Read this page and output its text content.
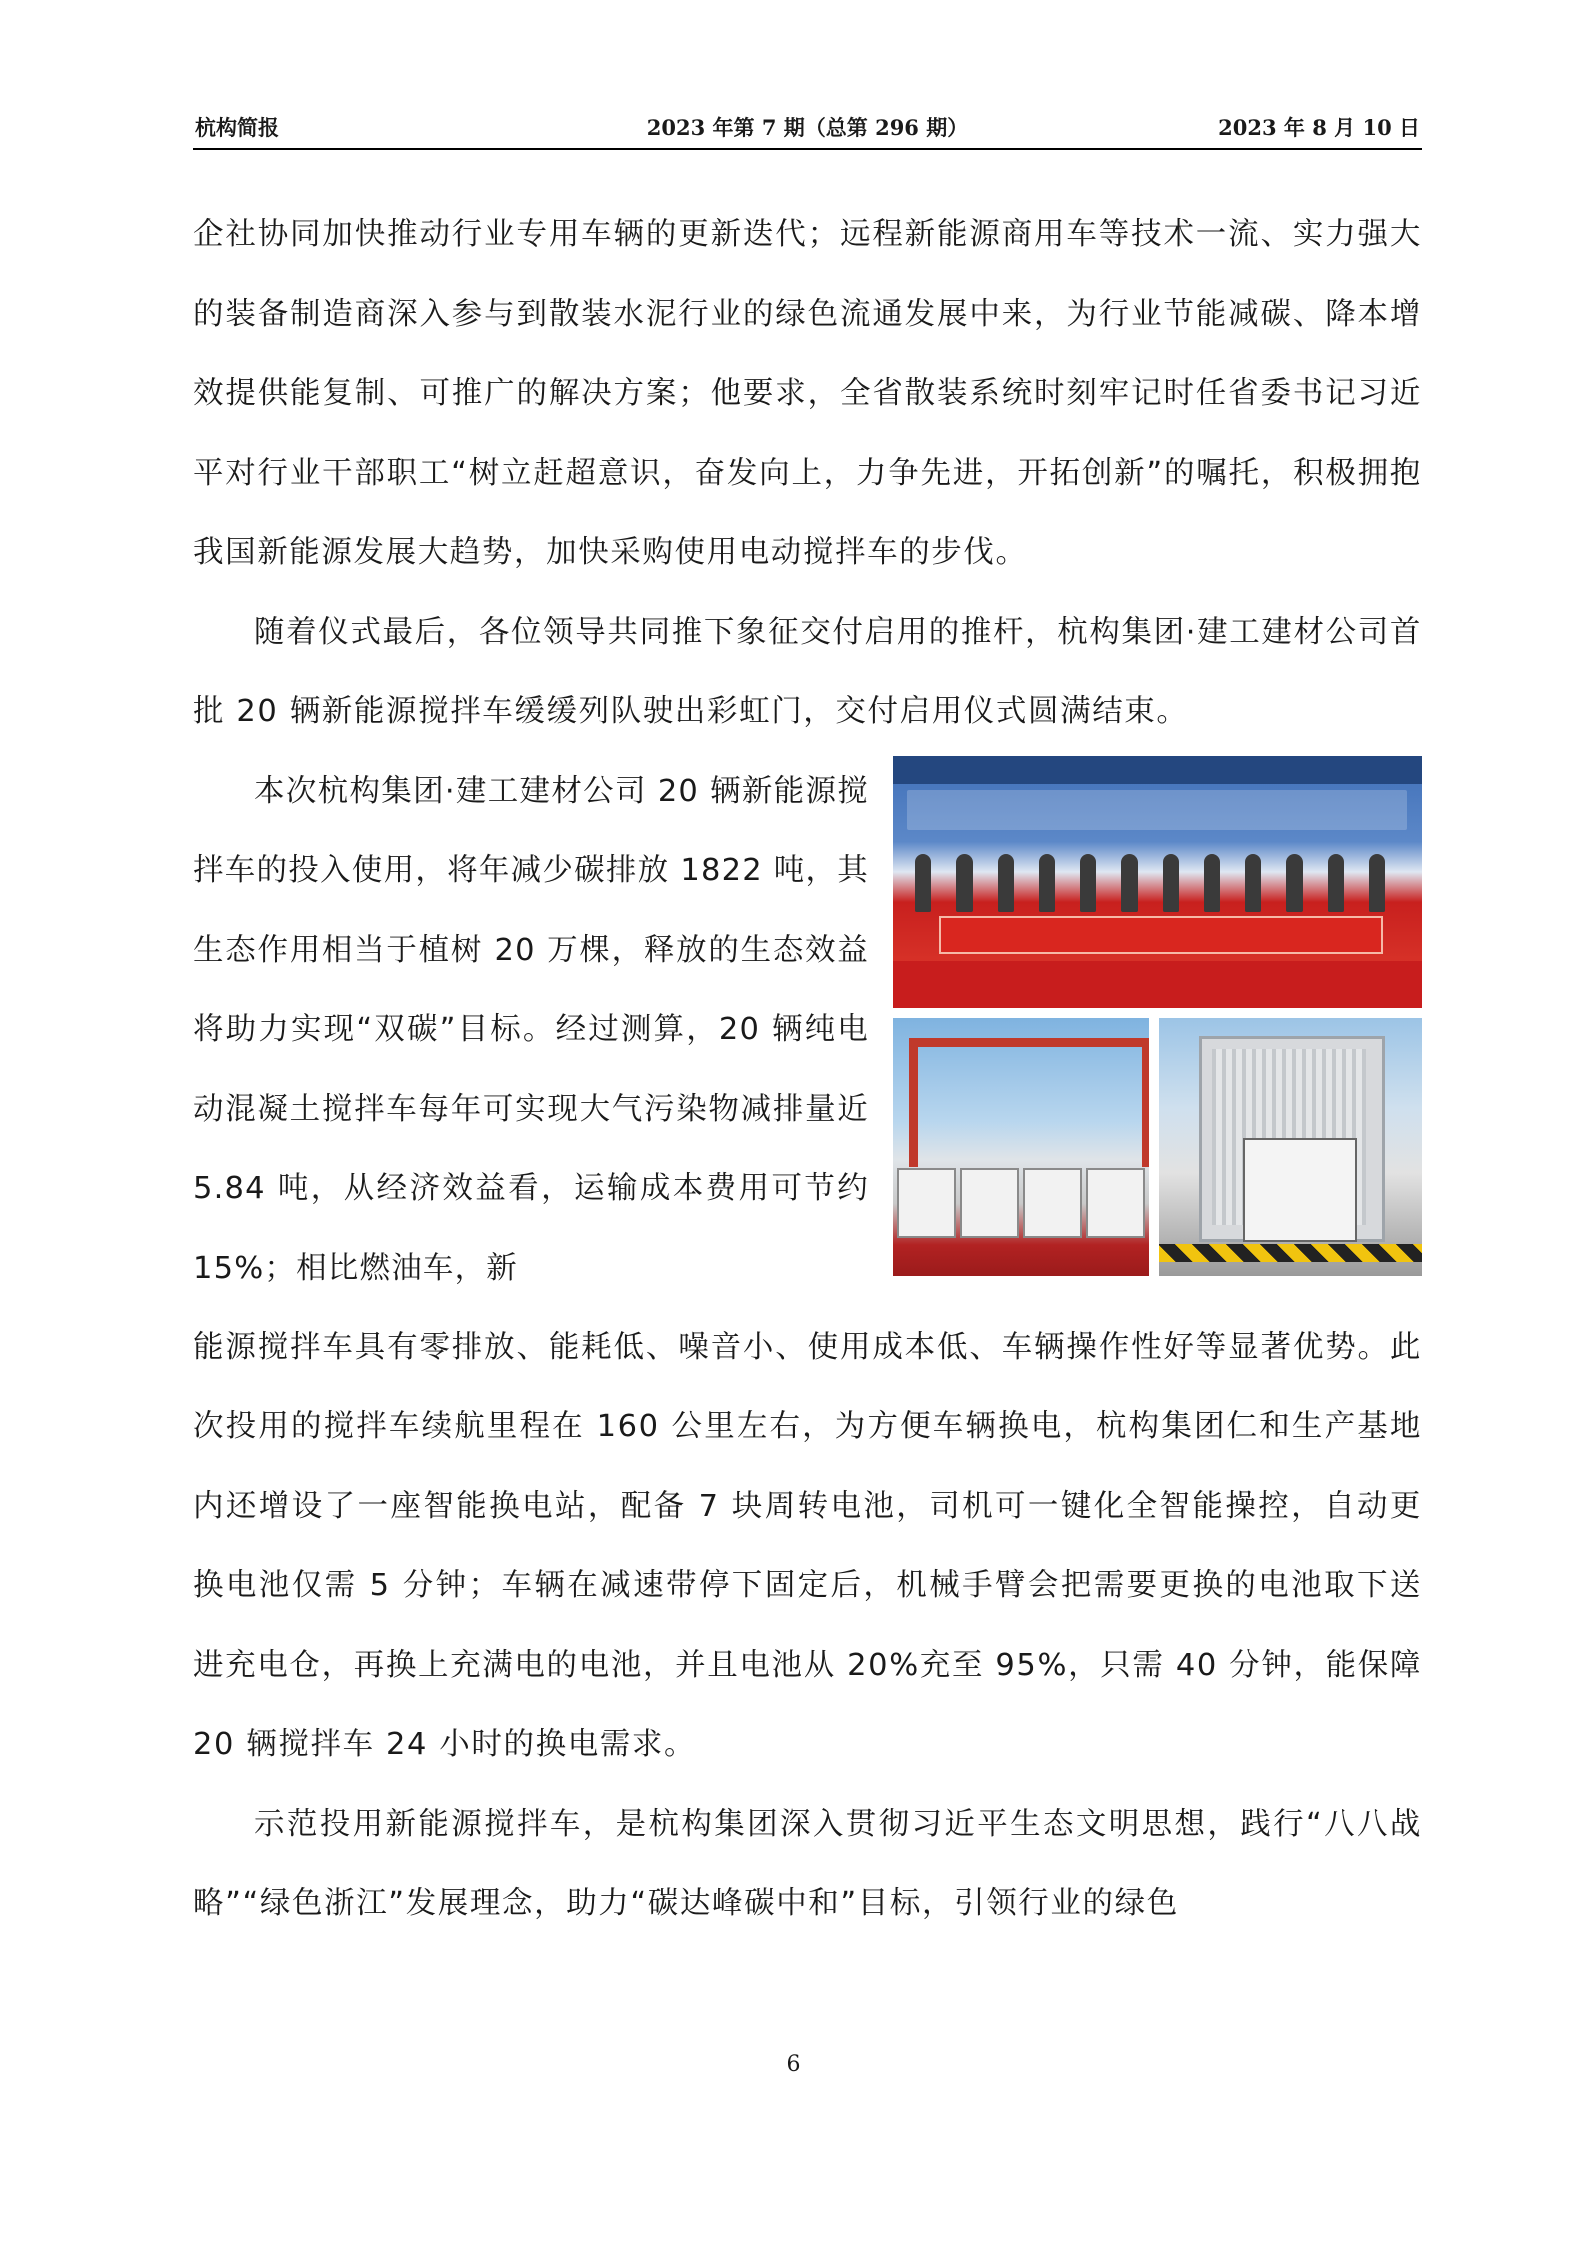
杭构简报	2023 年第 7 期（总第 296 期）	2023 年 8 月 10 日

企社协同加快推动行业专用车辆的更新迭代；远程新能源商用车等技术一流、实力强大的装备制造商深入参与到散装水泥行业的绿色流通发展中来，为行业节能减碳、降本增效提供能复制、可推广的解决方案；他要求，全省散装系统时刻牢记时任省委书记习近平对行业干部职工“树立赶超意识，奋发向上，力争先进，开拓创新”的嘱托，积极拥抱我国新能源发展大趋势，加快采购使用电动搅拌车的步伐。

随着仪式最后，各位领导共同推下象征交付启用的推杆，杭构集团·建工建材公司首批 20 辆新能源搅拌车缓缓列队驶出彩虹门，交付启用仪式圆满结束。

本次杭构集团·建工建材公司 20 辆新能源搅拌车的投入使用，将年减少碳排放 1822 吨，其生态作用相当于植树 20 万棵，释放的生态效益将助力实现“双碳”目标。经过测算，20 辆纯电动混凝土搅拌车每年可实现大气污染物减排量近 5.84 吨，从经济效益看，运输成本费用可节约 15%；相比燃油车，新

能源搅拌车具有零排放、能耗低、噪音小、使用成本低、车辆操作性好等显著优势。此次投用的搅拌车续航里程在 160 公里左右，为方便车辆换电，杭构集团仁和生产基地内还增设了一座智能换电站，配备 7 块周转电池，司机可一键化全智能操控，自动更换电池仅需 5 分钟；车辆在减速带停下固定后，机械手臂会把需要更换的电池取下送进充电仓，再换上充满电的电池，并且电池从 20%充至 95%，只需 40 分钟，能保障 20 辆搅拌车 24 小时的换电需求。

示范投用新能源搅拌车，是杭构集团深入贯彻习近平生态文明思想，践行“八八战略”“绿色浙江”发展理念，助力“碳达峰碳中和”目标，引领行业的绿色

6
